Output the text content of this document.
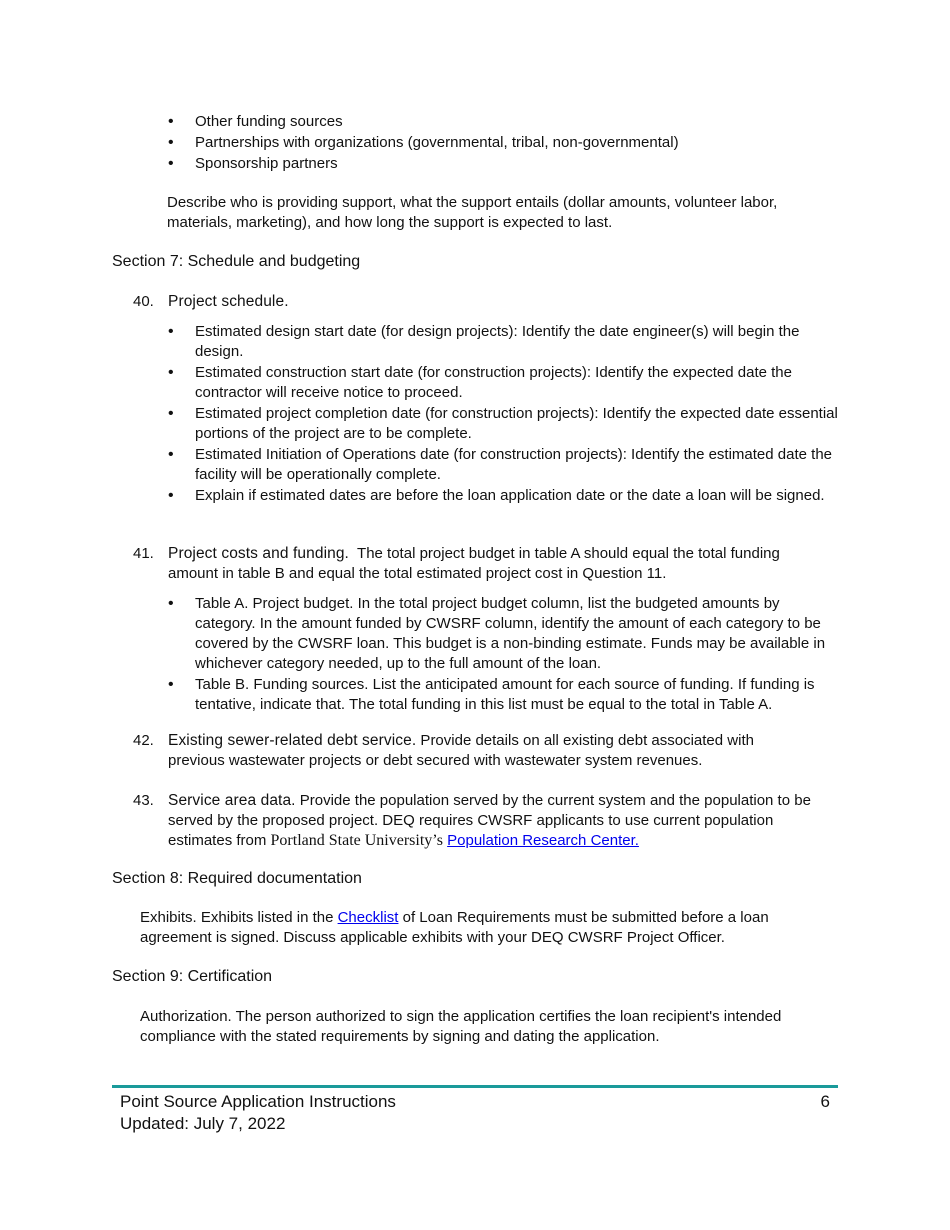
• Other funding sources
• Partnerships with organizations (governmental, tribal, non-governmental)
• Sponsorship partners

Describe who is providing support, what the support entails (dollar amounts, volunteer labor, materials, marketing), and how long the support is expected to last.

Section 7: Schedule and budgeting

40. Project schedule.
• Estimated design start date (for design projects): Identify the date engineer(s) will begin the design.
• Estimated construction start date (for construction projects): Identify the expected date the contractor will receive notice to proceed.
• Estimated project completion date (for construction projects): Identify the expected date essential portions of the project are to be complete.
• Estimated Initiation of Operations date (for construction projects): Identify the estimated date the facility will be operationally complete.
• Explain if estimated dates are before the loan application date or the date a loan will be signed.
41. Project costs and funding.  The total project budget in table A should equal the total funding amount in table B and equal the total estimated project cost in Question 11.
• Table A. Project budget. In the total project budget column, list the budgeted amounts by category. In the amount funded by CWSRF column, identify the amount of each category to be covered by the CWSRF loan. This budget is a non-binding estimate. Funds may be available in whichever category needed, up to the full amount of the loan.
• Table B. Funding sources. List the anticipated amount for each source of funding. If funding is tentative, indicate that. The total funding in this list must be equal to the total in Table A.
42. Existing sewer-related debt service. Provide details on all existing debt associated with previous wastewater projects or debt secured with wastewater system revenues.
43. Service area data. Provide the population served by the current system and the population to be served by the proposed project. DEQ requires CWSRF applicants to use current population estimates from Portland State University’s Population Research Center.

Section 8: Required documentation

Exhibits. Exhibits listed in the Checklist of Loan Requirements must be submitted before a loan agreement is signed. Discuss applicable exhibits with your DEQ CWSRF Project Officer.

Section 9: Certification

Authorization. The person authorized to sign the application certifies the loan recipient's intended compliance with the stated requirements by signing and dating the application.

Point Source Application Instructions
Updated: July 7, 2022
6
